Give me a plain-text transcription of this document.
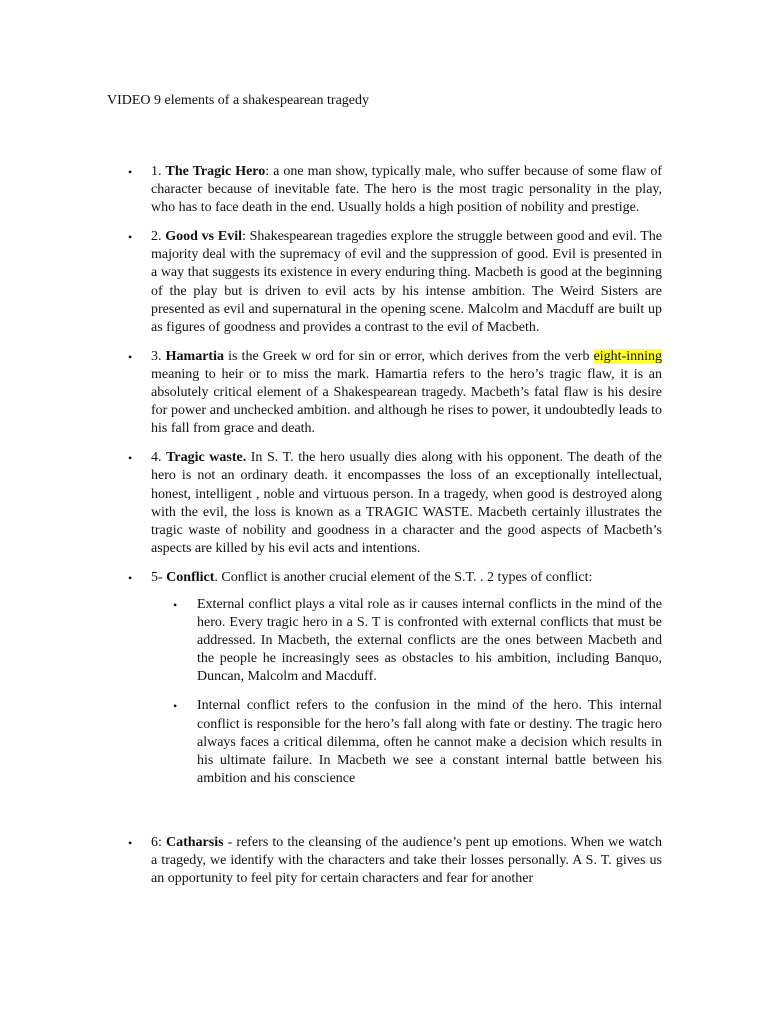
VIDEO 9 elements of a shakespearean tragedy
•	1. The Tragic Hero: a one man show, typically male, who suffer because of some flaw of character because of inevitable fate. The hero is the most tragic personality in the play, who has to face death in the end. Usually holds a high position of nobility and prestige.
•	2. Good vs Evil: Shakespearean tragedies explore the struggle between good and evil. The majority deal with the supremacy of evil and the suppression of good. Evil is presented in a way that suggests its existence in every enduring thing. Macbeth is good at the beginning of the play but is driven to evil acts by his intense ambition. The Weird Sisters are presented as evil and supernatural in the opening scene. Malcolm and Macduff are built up as figures of goodness and provides a contrast to the evil of Macbeth.
•	3. Hamartia is the Greek w ord for sin or error, which derives from the verb eight-inning meaning to heir or to miss the mark. Hamartia refers to the hero’s tragic flaw, it is an absolutely critical element of a Shakespearean tragedy. Macbeth’s fatal flaw is his desire for power and unchecked ambition. and although he rises to power, it undoubtedly leads to his fall from grace and death.
•	4. Tragic waste. In S. T. the hero usually dies along with his opponent. The death of the hero is not an ordinary death. it encompasses the loss of an exceptionally intellectual, honest, intelligent , noble and virtuous person. In a tragedy, when good is destroyed along with the evil, the loss is known as a TRAGIC WASTE. Macbeth certainly illustrates the tragic waste of nobility and goodness in a character and the good aspects of Macbeth’s aspects are killed by his evil acts and intentions.
•	5- Conflict. Conflict is another crucial element of the S.T. . 2 types of conflict:
• External conflict plays a vital role as ir causes internal conflicts in the mind of the hero. Every tragic hero in a S. T is confronted with external conflicts that must be addressed. In Macbeth, the external conflicts are the ones between Macbeth and the people he increasingly sees as obstacles to his ambition, including Banquo, Duncan, Malcolm and Macduff.
• Internal conflict refers to the confusion in the mind of the hero. This internal conflict is responsible for the hero’s fall along with fate or destiny. The tragic hero always faces a critical dilemma, often he cannot make a decision which results in his ultimate failure. In Macbeth we see a constant internal battle between his ambition and his conscience
•	6: Catharsis - refers to the cleansing of the audience’s pent up emotions. When we watch a tragedy, we identify with the characters and take their losses personally. A S. T. gives us an opportunity to feel pity for certain characters and fear for another
